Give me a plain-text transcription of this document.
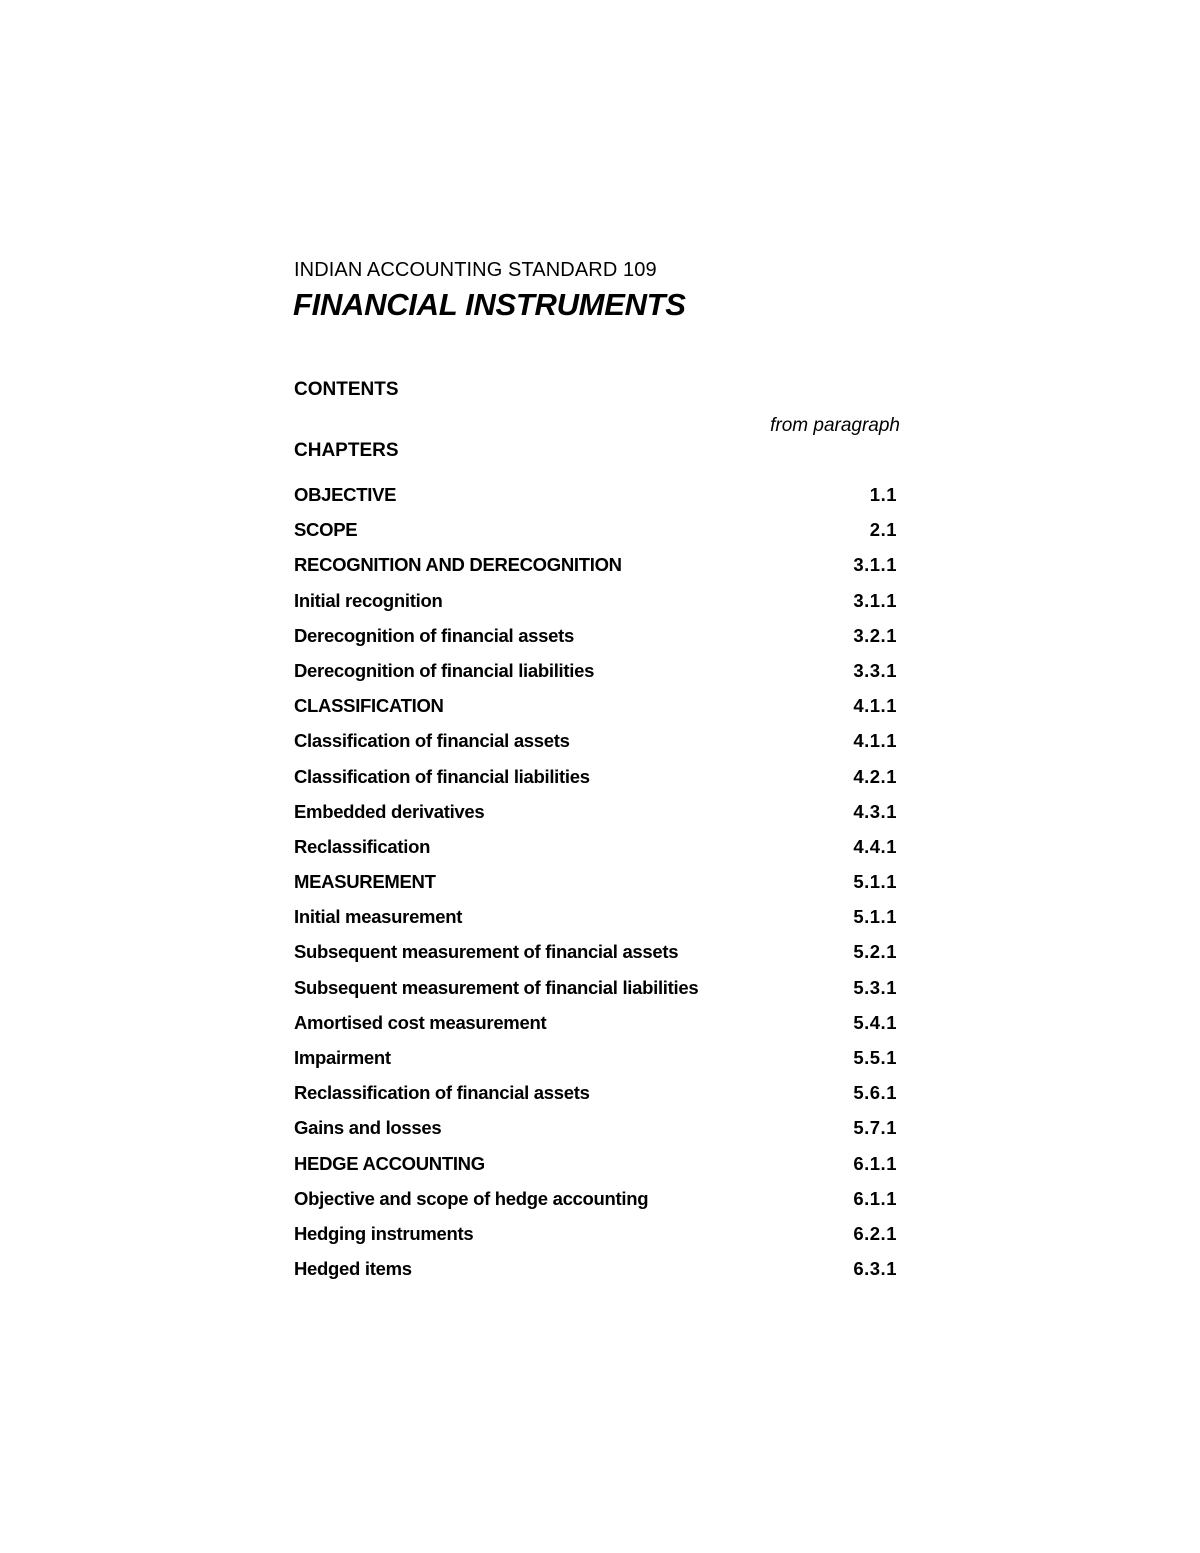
INDIAN ACCOUNTING STANDARD 109
FINANCIAL INSTRUMENTS
CONTENTS
from paragraph
CHAPTERS
OBJECTIVE	1.1
SCOPE	2.1
RECOGNITION AND DERECOGNITION	3.1.1
Initial recognition	3.1.1
Derecognition of financial assets	3.2.1
Derecognition of financial liabilities	3.3.1
CLASSIFICATION	4.1.1
Classification of financial assets	4.1.1
Classification of financial liabilities	4.2.1
Embedded derivatives	4.3.1
Reclassification	4.4.1
MEASUREMENT	5.1.1
Initial measurement	5.1.1
Subsequent measurement of financial assets	5.2.1
Subsequent measurement of financial liabilities	5.3.1
Amortised cost measurement	5.4.1
Impairment	5.5.1
Reclassification of financial assets	5.6.1
Gains and losses	5.7.1
HEDGE ACCOUNTING	6.1.1
Objective and scope of hedge accounting	6.1.1
Hedging instruments	6.2.1
Hedged items	6.3.1
